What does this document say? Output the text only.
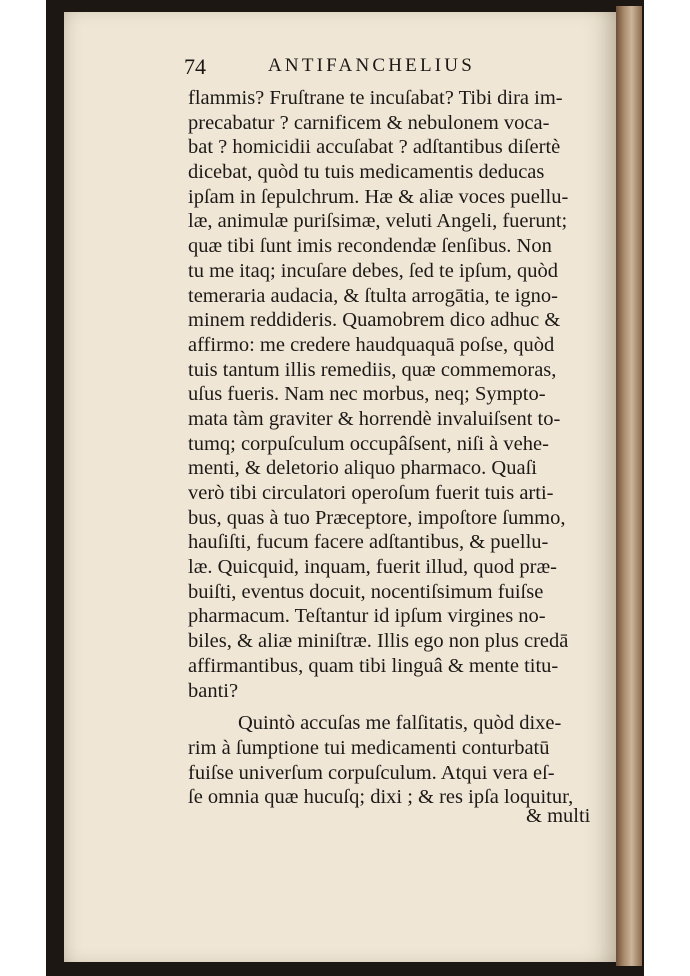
74	ANTIFANCHELIUS
flammis? Fruſtrane te incuſabat? Tibi dira im-
precabatur ? carnificem & nebulonem voca-
bat ? homicidii accuſabat ? adſtantibus diſertè
dicebat, quòd tu tuis medicamentis deducas
ipſam in ſepulchrum. Hæ & aliæ voces puellu-
læ, animulæ puriſsimæ, veluti Angeli, fuerunt;
quæ tibi ſunt imis recondendæ ſenſibus. Non
tu me itaq; incuſare debes, ſed te ipſum, quòd
temeraria audacia, & ſtulta arrogātia, te igno-
minem reddideris. Quamobrem dico adhuc &
affirmo: me credere haudquaquā poſse, quòd
tuis tantum illis remediis, quæ commemoras,
uſus fueris. Nam nec morbus, neq; Sympto-
mata tàm graviter & horrendè invaluiſsent to-
tumq; corpuſculum occupâſsent, niſi à vehe-
menti, & deletorio aliquo pharmaco. Quaſi
verò tibi circulatori operoſum fuerit tuis arti-
bus, quas à tuo Præceptore, impoſtore ſummo,
hauſiſti, fucum facere adſtantibus, & puellu-
læ. Quicquid, inquam, fuerit illud, quod præ-
buiſti, eventus docuit, nocentiſsimum fuiſse
pharmacum. Teſtantur id ipſum virgines no-
biles, & aliæ miniſtræ. Illis ego non plus credā
affirmantibus, quam tibi linguâ & mente titu-
banti?
Quintò accuſas me falſitatis, quòd dixe-
rim à ſumptione tui medicamenti conturbatū
fuiſse univerſum corpuſculum. Atqui vera eſ-
ſe omnia quæ hucuſq; dixi ; & res ipſa loquitur,
& multi
